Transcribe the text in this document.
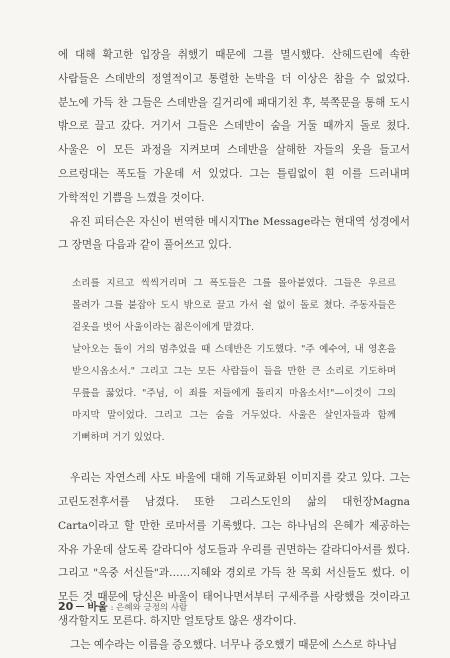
에 대해 확고한 입장을 취했기 때문에 그를 멸시했다. 산헤드린에 속한 사람들은 스데반의 정열적이고 통렬한 논박을 더 이상은 참을 수 없었다. 분노에 가득 찬 그들은 스데반을 길거리에 패대기친 후, 북쪽문을 통해 도시 밖으로 끌고 갔다. 거기서 그들은 스데반이 숨을 거둘 때까지 돌로 쳤다. 사울은 이 모든 과정을 지켜보며 스데반을 살해한 자들의 옷을 들고서 으르렁대는 폭도들 가운데 서 있었다. 그는 틀림없이 흰 이를 드러내며 가학적인 기쁨을 느꼈을 것이다.

유진 피터슨은 자신이 번역한 메시지The Message라는 현대역 성경에서 그 장면을 다음과 같이 풀어쓰고 있다.

소리를 지르고 씩씩거리며 그 폭도들은 그를 몰아붙였다. 그들은 우르르 몰려가 그를 붙잡아 도시 밖으로 끌고 가서 쉴 없이 돌로 쳤다. 주동자들은 겉옷을 벗어 사울이라는 젊은이에게 맡겼다.

날아오는 돌이 거의 멈추었을 때 스데반은 기도했다. "주 예수여, 내 영혼을 받으시옵소서." 그리고 그는 모든 사람들이 들을 만한 큰 소리로 기도하며 무릎을 꿇었다. "주님, 이 죄를 저들에게 돌리지 마옵소서!"—이것이 그의 마지막 말이었다. 그리고 그는 숨을 거두었다. 사울은 살인자들과 함께 기뻐하며 거기 있었다.

우리는 자연스레 사도 바울에 대해 기독교화된 이미지를 갖고 있다. 그는 고린도전후서를 남겼다. 또한 그리스도인의 삶의 대헌장Magna Carta이라고 할 만한 로마서를 기록했다. 그는 하나님의 은혜가 제공하는 자유 가운데 살도록 갈라디아 성도들과 우리를 권면하는 갈라디아서를 썼다. 그리고 "옥중 서신들"과……지혜와 경외로 가득 찬 목회 서신들도 썼다. 이 모든 것 때문에 당신은 바울이 태어나면서부터 구세주를 사랑했을 것이라고 생각할지도 모른다. 하지만 얼토당토 않은 생각이다.

그는 예수라는 이름을 증오했다. 너무나 증오했기 때문에 스스로 하나님

20 바울 : 은혜와 긍정의 사람
